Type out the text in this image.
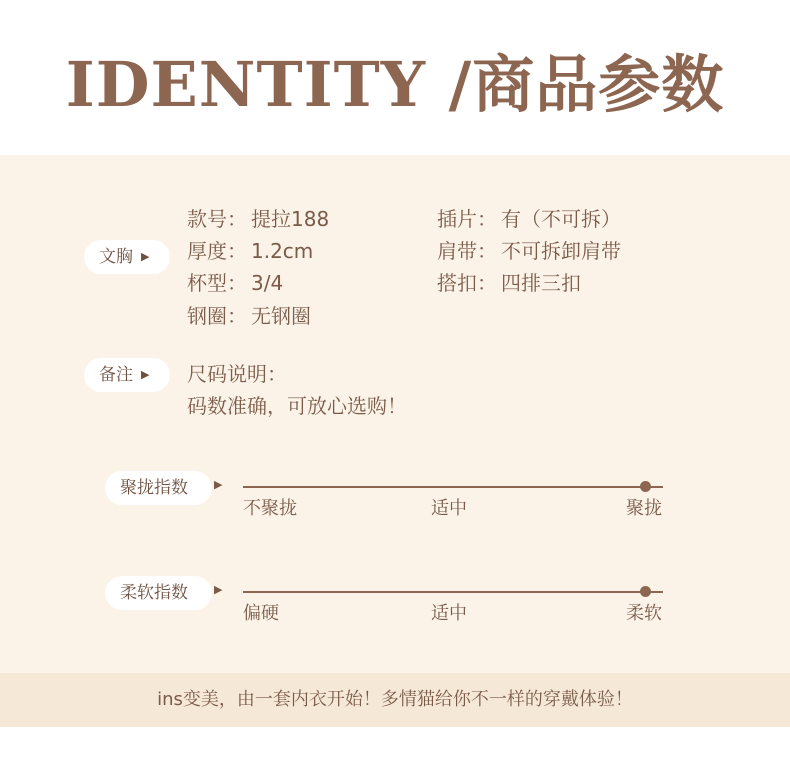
IDENTITY /商品参数
文胸 ▶
款号： 提拉188
厚度： 1.2cm
杯型： 3/4
钢圈： 无钢圈
插片： 有（不可拆）
肩带： 不可拆卸肩带
搭扣： 四排三扣
备注 ▶	尺码说明：
码数准确，可放心选购！
聚拢指数	▶
不聚拢	适中	聚拢
柔软指数	▶
偏硬	适中	柔软
ins变美，由一套内衣开始！多情猫给你不一样的穿戴体验！
